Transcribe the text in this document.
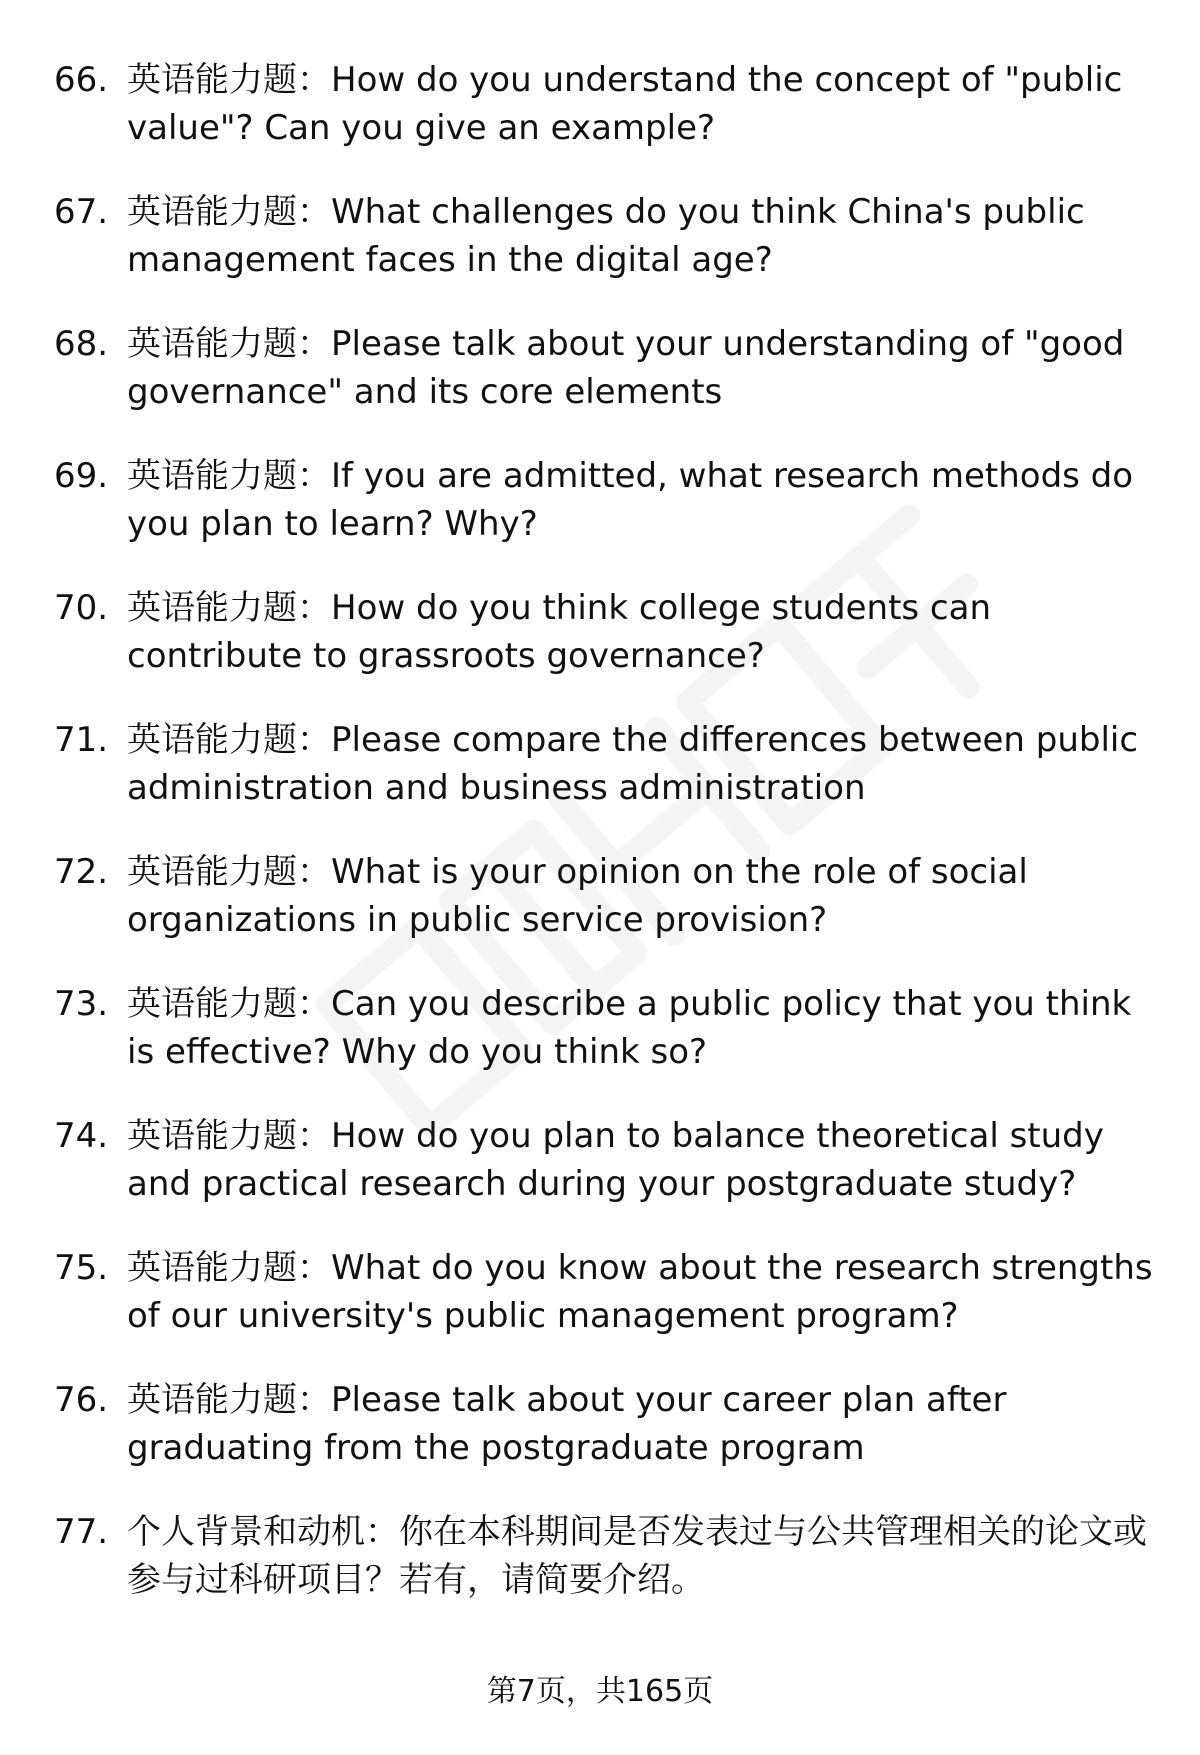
66. 英语能力题：How do you understand the concept of "public value"? Can you give an example?

67. 英语能力题：What challenges do you think China's public management faces in the digital age?

68. 英语能力题：Please talk about your understanding of "good governance" and its core elements

69. 英语能力题：If you are admitted, what research methods do you plan to learn? Why?

70. 英语能力题：How do you think college students can contribute to grassroots governance?

71. 英语能力题：Please compare the differences between public administration and business administration

72. 英语能力题：What is your opinion on the role of social organizations in public service provision?

73. 英语能力题：Can you describe a public policy that you think is effective? Why do you think so?

74. 英语能力题：How do you plan to balance theoretical study and practical research during your postgraduate study?

75. 英语能力题：What do you know about the research strengths of our university's public management program?

76. 英语能力题：Please talk about your career plan after graduating from the postgraduate program

77. 个人背景和动机：你在本科期间是否发表过与公共管理相关的论文或参与过科研项目？若有，请简要介绍。

第7页，共165页
